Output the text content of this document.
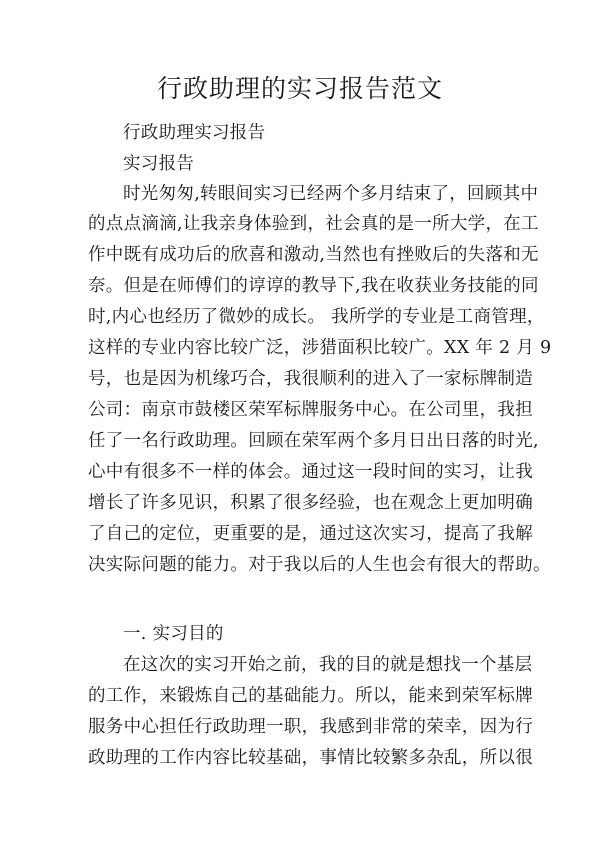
行政助理的实习报告范文

行政助理实习报告

实习报告

时光匆匆,转眼间实习已经两个多月结束了，回顾其中

的点点滴滴,让我亲身体验到，社会真的是一所大学，在工

作中既有成功后的欣喜和激动,当然也有挫败后的失落和无

奈。但是在师傅们的谆谆的教导下,我在收获业务技能的同

时,内心也经历了微妙的成长。 我所学的专业是工商管理，

这样的专业内容比较广泛，涉猎面积比较广。XX 年 2 月 9

号，也是因为机缘巧合，我很顺利的进入了一家标牌制造

公司：南京市鼓楼区荣军标牌服务中心。在公司里，我担

任了一名行政助理。回顾在荣军两个多月日出日落的时光,

心中有很多不一样的体会。通过这一段时间的实习，让我

增长了许多见识，积累了很多经验，也在观念上更加明确

了自己的定位，更重要的是，通过这次实习，提高了我解

决实际问题的能力。对于我以后的人生也会有很大的帮助。

一. 实习目的

在这次的实习开始之前，我的目的就是想找一个基层

的工作，来锻炼自己的基础能力。所以，能来到荣军标牌

服务中心担任行政助理一职，我感到非常的荣幸，因为行

政助理的工作内容比较基础，事情比较繁多杂乱，所以很
